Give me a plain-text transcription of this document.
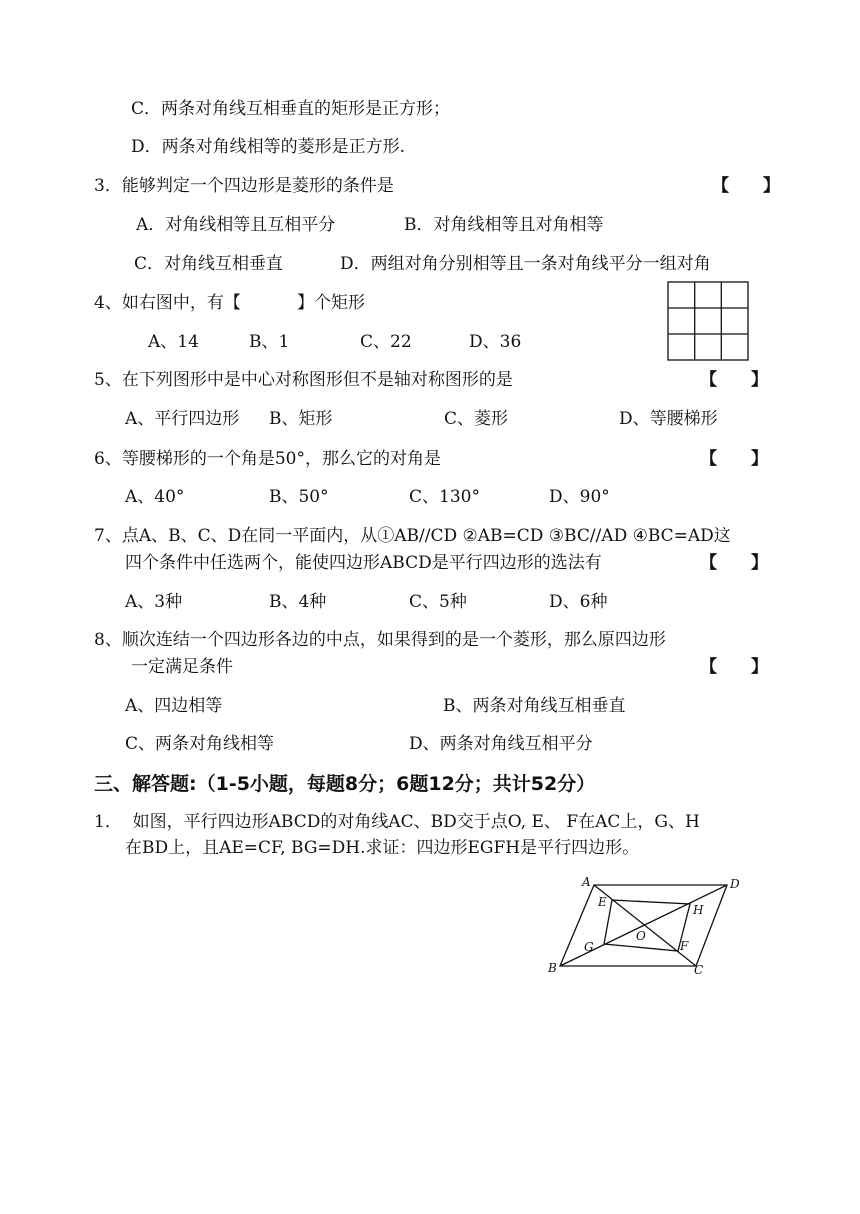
C．两条对角线互相垂直的矩形是正方形；
D．两条对角线相等的菱形是正方形.
3．能够判定一个四边形是菱形的条件是	【　　】
A．对角线相等且互相平分	B．对角线相等且对角相等
C．对角线互相垂直	D．两组对角分别相等且一条对角线平分一组对角
4、如右图中，有【	】个矩形
A、14	B、1	C、22	D、36
5、在下列图形中是中心对称图形但不是轴对称图形的是	【　　】
A、平行四边形 B、矩形	C、菱形	D、等腰梯形
6、等腰梯形的一个角是50°，那么它的对角是	【　　】
A、40°	B、50°	C、130°	D、90°
7、点A、B、C、D在同一平面内，从①AB//CD ②AB=CD ③BC//AD ④BC=AD这
四个条件中任选两个，能使四边形ABCD是平行四边形的选法有	【　　】
A、3种	B、4种	C、5种	D、6种
8、顺次连结一个四边形各边的中点，如果得到的是一个菱形，那么原四边形
一定满足条件	【　　】
A、四边相等	B、两条对角线互相垂直
C、两条对角线相等	D、两条对角线互相平分
三、解答题:（1-5小题，每题8分；6题12分；共计52分）
1．  如图，平行四边形ABCD的对角线AC、BD交于点O, E、 F在AC上，G、H
在BD上，且AE=CF, BG=DH.求证：四边形EGFH是平行四边形。
A	D
B	C
E
H
G	F
O
